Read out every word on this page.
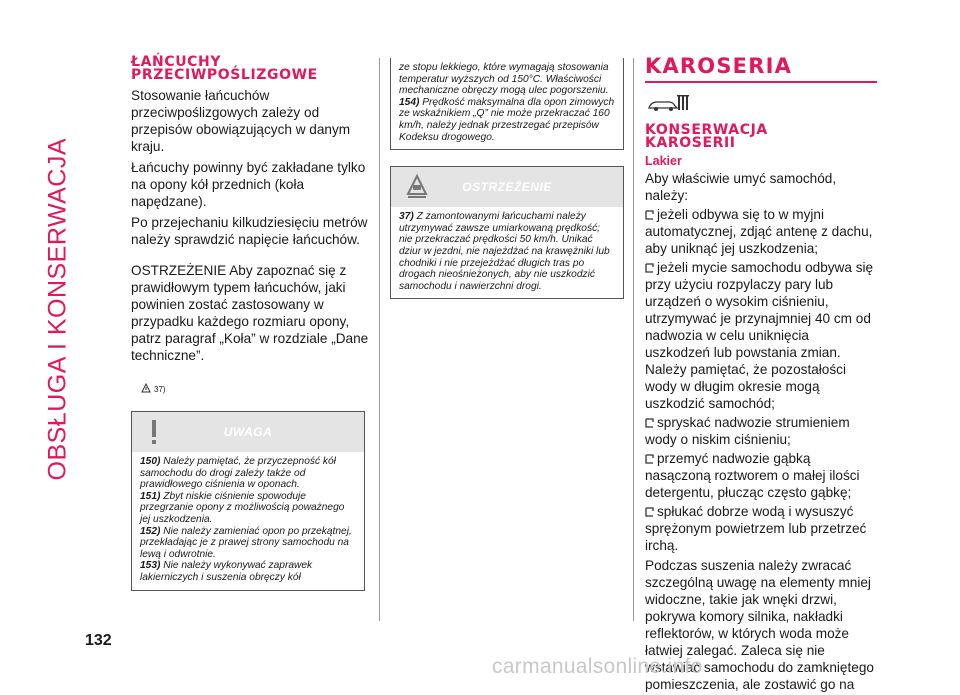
OBSŁUGA I KONSERWACJA
132
ŁAŃCUCHY
PRZECIWPOŚLIZGOWE

Stosowanie łańcuchów przeciwpoślizgowych zależy od przepisów obowiązujących w danym kraju.

Łańcuchy powinny być zakładane tylko na opony kół przednich (koła napędzane).

Po przejechaniu kilkudziesięciu metrów należy sprawdzić napięcie łańcuchów.

OSTRZEŻENIE Aby zapoznać się z prawidłowym typem łańcuchów, jaki powinien zostać zastosowany w przypadku każdego rozmiaru opony, patrz paragraf „Koła” w rozdziale „Dane techniczne”.

37)
UWAGA

150) Należy pamiętać, że przyczepność kół samochodu do drogi zależy także od prawidłowego ciśnienia w oponach.

151) Zbyt niskie ciśnienie spowoduje przegrzanie opony z możliwością poważnego jej uszkodzenia.

152) Nie należy zamieniać opon po przekątnej, przekładając je z prawej strony samochodu na lewą i odwrotnie.

153) Nie należy wykonywać zaprawek lakierniczych i suszenia obręczy kół

ze stopu lekkiego, które wymagają stosowania temperatur wyższych od 150°C. Właściwości mechaniczne obręczy mogą ulec pogorszeniu.

154) Prędkość maksymalna dla opon zimowych ze wskaźnikiem „Q” nie może przekraczać 160 km/h, należy jednak przestrzegać przepisów Kodeksu drogowego.

OSTRZEŻENIE

37) Z zamontowanymi łańcuchami należy utrzymywać zawsze umiarkowaną prędkość; nie przekraczać prędkości 50 km/h. Unikać dziur w jezdni, nie najeżdżać na krawężniki lub chodniki i nie przejeżdżać długich tras po drogach nieośnieżonych, aby nie uszkodzić samochodu i nawierzchni drogi.

KAROSERIA
KONSERWACJA
KAROSERII
Lakier

Aby właściwie umyć samochód, należy:

jeżeli odbywa się to w myjni automatycznej, zdjąć antenę z dachu, aby uniknąć jej uszkodzenia;

jeżeli mycie samochodu odbywa się przy użyciu rozpylaczy pary lub urządzeń o wysokim ciśnieniu, utrzymywać je przynajmniej 40 cm od nadwozia w celu uniknięcia uszkodzeń lub powstania zmian. Należy pamiętać, że pozostałości wody w długim okresie mogą uszkodzić samochód;

spryskać nadwozie strumieniem wody o niskim ciśnieniu;

przemyć nadwozie gąbką nasączoną roztworem o małej ilości detergentu, płucząc często gąbkę;

spłukać dobrze wodą i wysuszyć sprężonym powietrzem lub przetrzeć irchą.

Podczas suszenia należy zwracać szczególną uwagę na elementy mniej widoczne, takie jak wnęki drzwi, pokrywa komory silnika, nakładki reflektorów, w których woda może łatwiej zalegać. Zaleca się nie wstawiać samochodu do zamkniętego pomieszczenia, ale zostawić go na

carmanualsonline.info
